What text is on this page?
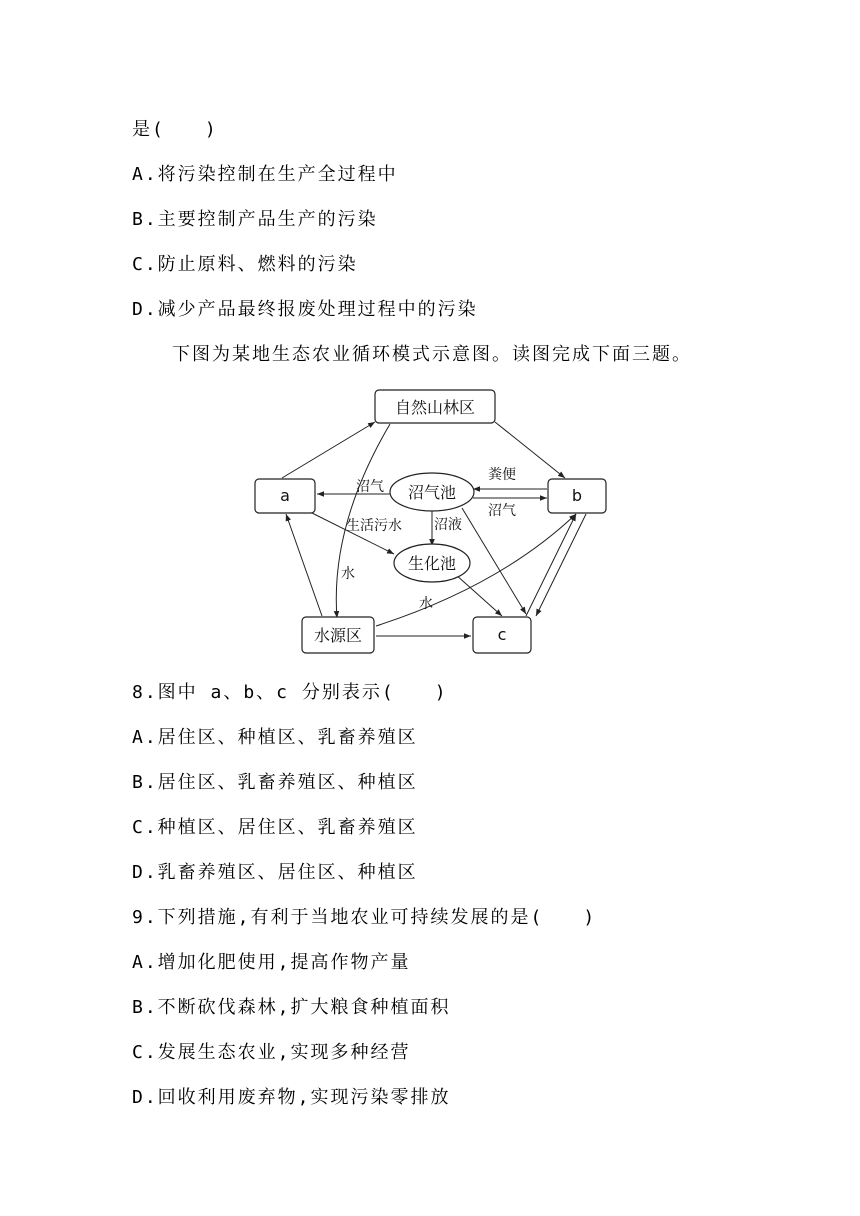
是(　　)
A.将污染控制在生产全过程中
B.主要控制产品生产的污染
C.防止原料、燃料的污染
D.减少产品最终报废处理过程中的污染
下图为某地生态农业循环模式示意图。读图完成下面三题。
自然山林区
a	b
沼气池
生化池
水源区	c
沼气
粪便
沼气
沼液
生活污水
水
水
8.图中 a、b、c 分别表示(　　)
A.居住区、种植区、乳畜养殖区
B.居住区、乳畜养殖区、种植区
C.种植区、居住区、乳畜养殖区
D.乳畜养殖区、居住区、种植区
9.下列措施,有利于当地农业可持续发展的是(　　)
A.增加化肥使用,提高作物产量
B.不断砍伐森林,扩大粮食种植面积
C.发展生态农业,实现多种经营
D.回收利用废弃物,实现污染零排放
